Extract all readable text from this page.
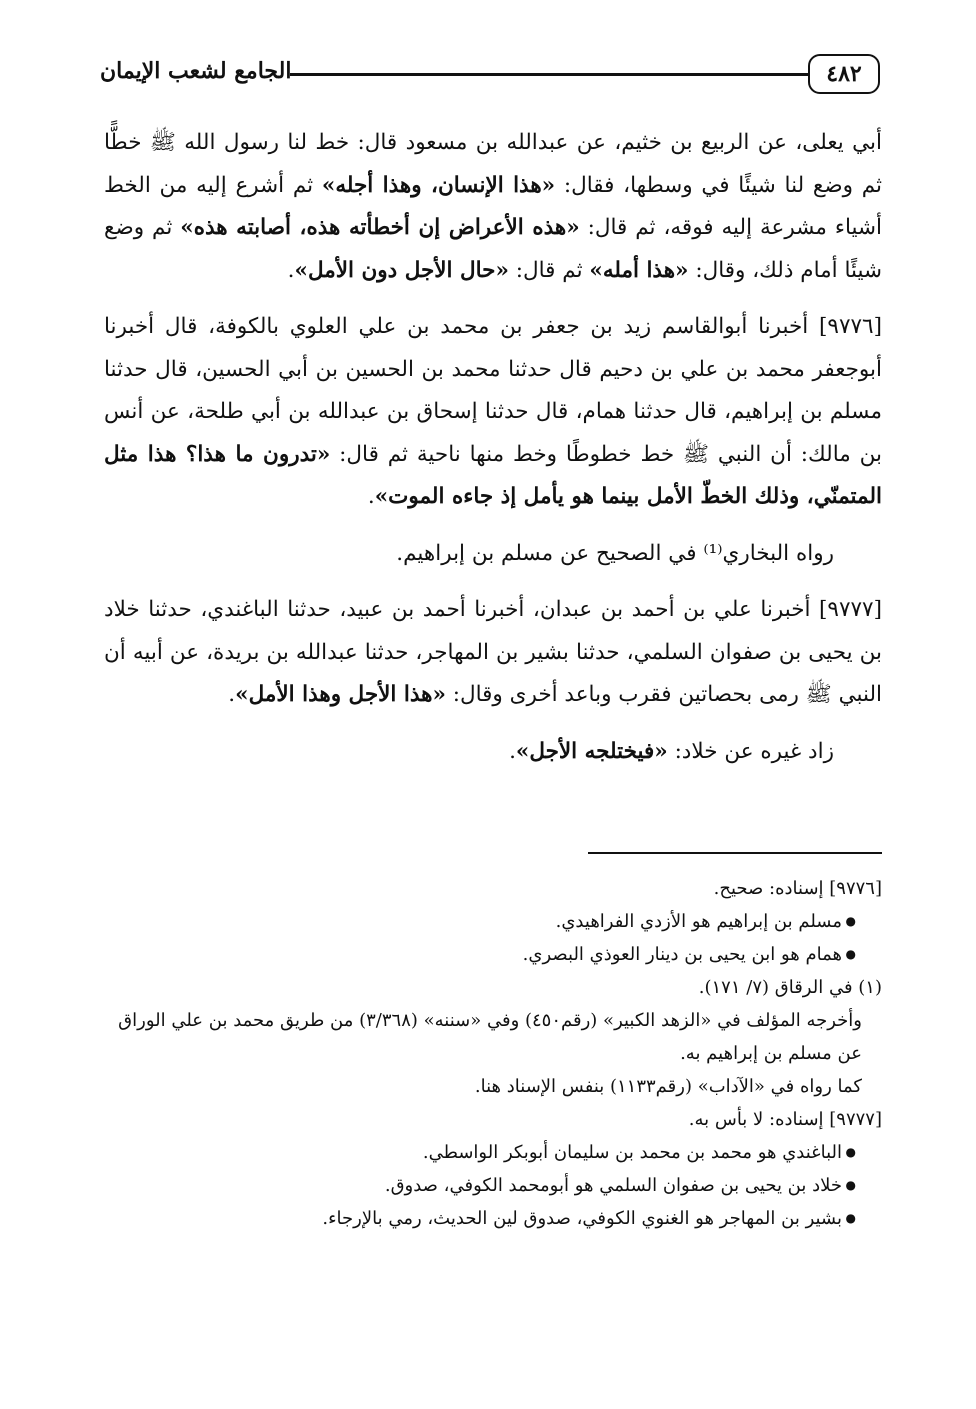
٤٨٢
الجامع لشعب الإيمان

أبي يعلى، عن الربيع بن خثيم، عن عبدالله بن مسعود قال: خط لنا رسول الله ﷺ خطًّا ثم وضع لنا شيئًا في وسطها، فقال: «هذا الإنسان، وهذا أجله» ثم أشرع إليه من الخط أشياء مشرعة إليه فوقه، ثم قال: «هذه الأعراض إن أخطأته هذه، أصابته هذه» ثم وضع شيئًا أمام ذلك، وقال: «هذا أمله» ثم قال: «حال الأجل دون الأمل».

[٩٧٧٦] أخبرنا أبوالقاسم زيد بن جعفر بن محمد بن علي العلوي بالكوفة، قال أخبرنا أبوجعفر محمد بن علي بن دحيم قال حدثنا محمد بن الحسين بن أبي الحسين، قال حدثنا مسلم بن إبراهيم، قال حدثنا همام، قال حدثنا إسحاق بن عبدالله بن أبي طلحة، عن أنس بن مالك: أن النبي ﷺ خط خطوطًا وخط منها ناحية ثم قال: «تدرون ما هذا؟ هذا مثل المتمنّي، وذلك الخطّ الأمل بينما هو يأمل إذ جاءه الموت».

رواه البخاري⁽¹⁾ في الصحيح عن مسلم بن إبراهيم.

[٩٧٧٧] أخبرنا علي بن أحمد بن عبدان، أخبرنا أحمد بن عبيد، حدثنا الباغندي، حدثنا خلاد بن يحيى بن صفوان السلمي، حدثنا بشير بن المهاجر، حدثنا عبدالله بن بريدة، عن أبيه أن النبي ﷺ رمى بحصاتين فقرب وباعد أخرى وقال: «هذا الأجل وهذا الأمل».

زاد غيره عن خلاد: «فيختلجه الأجل».

[٩٧٧٦] إسناده: صحيح.

● مسلم بن إبراهيم هو الأزدي الفراهيدي.

● همام هو ابن يحيى بن دينار العوذي البصري.

(١) في الرقاق (٧/ ١٧١).

وأخرجه المؤلف في «الزهد الكبير» (رقم٤٥٠) وفي «سننه» (٣/٣٦٨) من طريق محمد بن علي الوراق عن مسلم بن إبراهيم به.

كما رواه في «الآداب» (رقم١١٣٣) بنفس الإسناد هنا.

[٩٧٧٧] إسناده: لا بأس به.

● الباغندي هو محمد بن محمد بن سليمان أبوبكر الواسطي.

● خلاد بن يحيى بن صفوان السلمي هو أبومحمد الكوفي، صدوق.

● بشير بن المهاجر هو الغنوي الكوفي، صدوق لين الحديث، رمي بالإرجاء.
